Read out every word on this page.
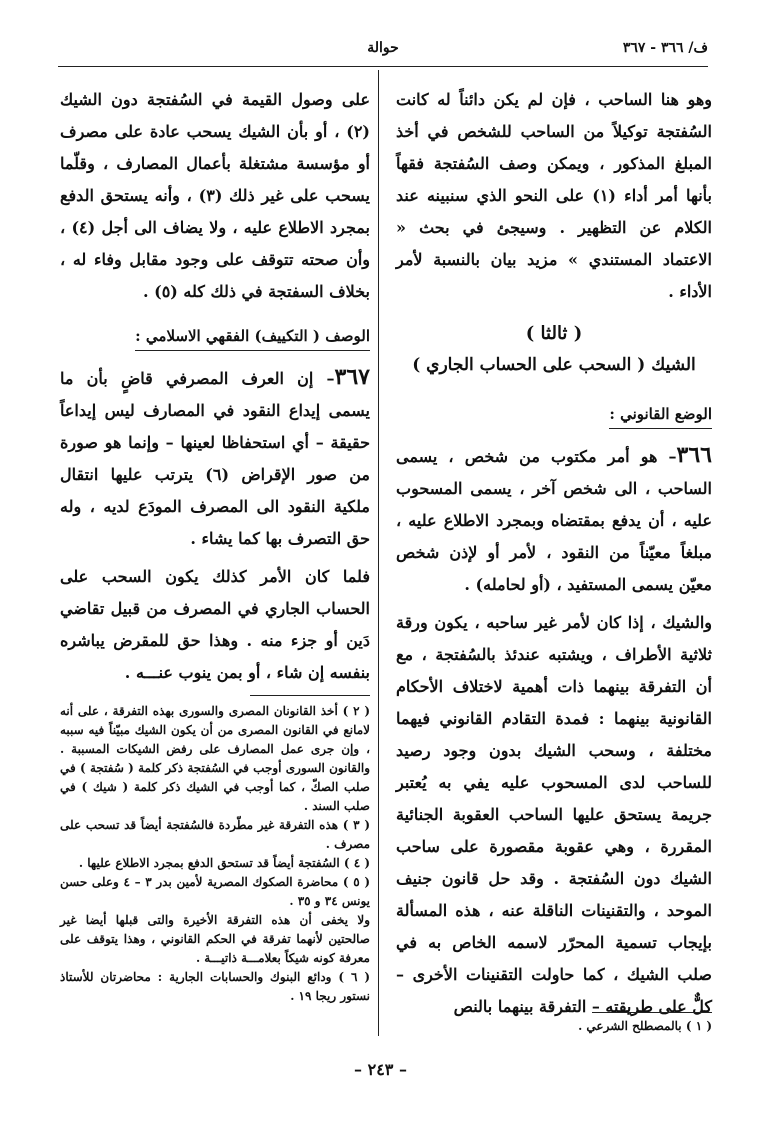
حوالة	ف/ ٣٦٦ - ٣٦٧

وهو هنا الساحب ، فإن لم يكن دائناً له كانت السُفتجة توكيلاً من الساحب للشخص في أخذ المبلغ المذكور ، ويمكن وصف السُفتجة فقهاً بأنها أمر أداء (١) على النحو الذي سنبينه عند الكلام عن التظهير . وسيجئ في بحث « الاعتماد المستندي » مزيد بيان بالنسبة لأمر الأداء .

( ثالثا )
الشيك ( السحب على الحساب الجاري )
الوضع القانوني :

٣٦٦– هو أمر مكتوب من شخص ، يسمى الساحب ، الى شخص آخر ، يسمى المسحوب عليه ، أن يدفع بمقتضاه وبمجرد الاطلاع عليه ، مبلغاً معيّناً من النقود ، لأمر أو لإذن شخص معيّن يسمى المستفيد ، (أو لحامله) .

والشيك ، إذا كان لأمر غير ساحبه ، يكون ورقة ثلاثية الأطراف ، ويشتبه عندئذ بالسُفتجة ، مع أن التفرقة بينهما ذات أهمية لاختلاف الأحكام القانونية بينهما : فمدة التقادم القانوني فيهما مختلفة ، وسحب الشيك بدون وجود رصيد للساحب لدى المسحوب عليه يفي به يُعتبر جريمة يستحق عليها الساحب العقوبة الجنائية المقررة ، وهي عقوبة مقصورة على ساحب الشيك دون السُفتجة . وقد حل قانون جنيف الموحد ، والتقنينات الناقلة عنه ، هذه المسألة بإيجاب تسمية المحرّر لاسمه الخاص به في صلب الشيك ، كما حاولت التقنينات الأخرى – كلٌّ على طريقته – التفرقة بينهما بالنص

( ١ ) بالمصطلح الشرعي .

على وصول القيمة في السُفتجة دون الشيك (٢) ، أو بأن الشيك يسحب عادة على مصرف أو مؤسسة مشتغلة بأعمال المصارف ، وقلّما يسحب على غير ذلك (٣) ، وأنه يستحق الدفع بمجرد الاطلاع عليه ، ولا يضاف الى أجل (٤) ، وأن صحته تتوقف على وجود مقابل وفاء له ، بخلاف السفتجة في ذلك كله (٥) .

الوصف ( التكييف) الفقهي الاسلامي :

٣٦٧– إن العرف المصرفي قاضٍ بأن ما يسمى إيداع النقود في المصارف ليس إيداعاً حقيقة – أي استحفاظا لعينها – وإنما هو صورة من صور الإقراض (٦) يترتب عليها انتقال ملكية النقود الى المصرف المودَع لديه ، وله حق التصرف بها كما يشاء .

فلما كان الأمر كذلك يكون السحب على الحساب الجاري في المصرف من قبيل تقاضي دَين أو جزء منه . وهذا حق للمقرض يباشره بنفسه إن شاء ، أو بمن ينوب عنـــه .

( ٢ ) أخذ القانونان المصرى والسورى بهذه التفرقة ، على أنه لامانع في القانون المصرى من أن يكون الشيك مبيّناً فيه سببه ، وإن جرى عمل المصارف على رفض الشيكات المسببة . والقانون السورى أوجب في السُفتجة ذكر كلمة ( سُفتجة ) في صلب الصكّ ، كما أوجب في الشيك ذكر كلمة ( شيك ) في صلب السند .
( ٣ ) هذه التفرقة غير مطّردة فالسُفتجة أيضاً قد تسحب على مصرف .
( ٤ ) السُفتجة أيضاً قد تستحق الدفع بمجرد الاطلاع عليها .
( ٥ ) محاضرة الصكوك المصرية لأمين بدر ٣ – ٤ وعلى حسن يونس ٣٤ و ٣٥ .
ولا يخفى أن هذه التفرقة الأخيرة والتى قبلها أيضا غير صالحتين لأنهما تفرقة في الحكم القانوني ، وهذا يتوقف على معرفة كونه شيكاً بعلامـــة ذاتيـــة .
( ٦ ) ودائع البنوك والحسابات الجارية : محاضرتان للأستاذ نستور ريجا ١٩ .
– ٢٤٣ –
